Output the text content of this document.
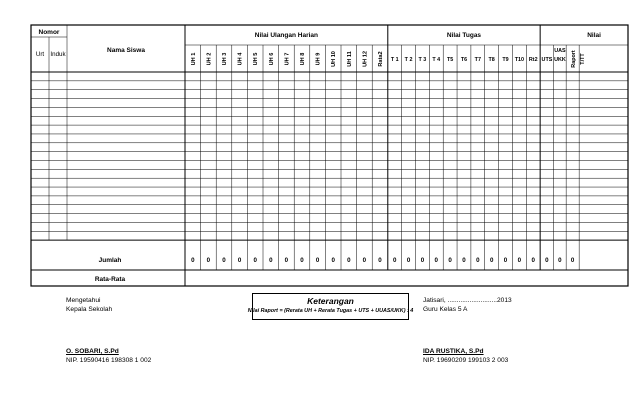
Nomor
Urt Induk
Nama Siswa
Nilai Ulangan Harian	Nilai Tugas	Nilai
UH 1 UH 2 UH 3 UH 4 UH 5 UH 6 UH 7 UH 8 UH 9 UH 10 UH 11 UH 12 Rata2 T 1 T 2 T 3 T 4 T5 T6 T7 T8 T9 T10 Rt2 UTS
UAS
UKK Raport T/TT
Jumlah
Rata-Rata
0 0 0 0 0 0 0 0 0 0 0 0 0 0 0 0 0 0 0 0 0 0 0 0 0 0 0
Mengetahui
Kepala Sekolah
O. SOBARI, S.Pd
NIP. 19590416 198308 1 002
Jatisari, ...........................2013
Guru Kelas 5 A
IDA RUSTIKA, S.Pd
NIP. 19690209 199103 2 003
Keterangan
Nilai Raport = (Rerata UH + Rerata Tugas + UTS + UUAS/UKK) : 4
